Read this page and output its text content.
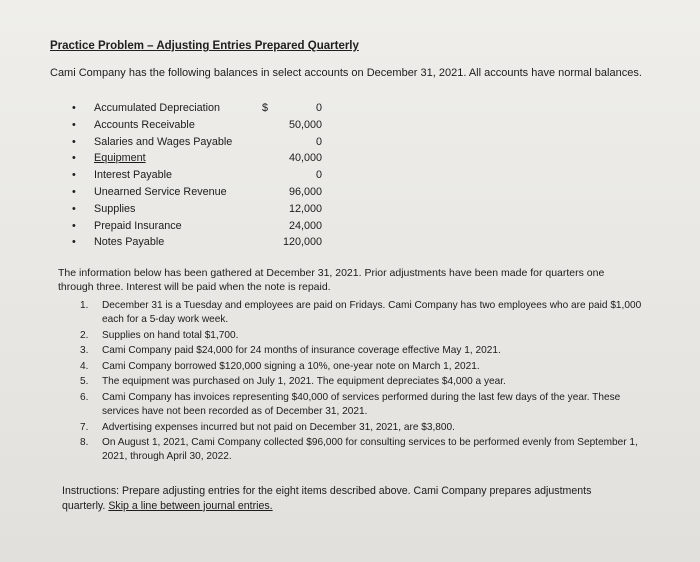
Practice Problem – Adjusting Entries Prepared Quarterly
Cami Company has the following balances in select accounts on December 31, 2021. All accounts have normal balances.
• Accumulated Depreciation	$	0
• Accounts Receivable	50,000
• Salaries and Wages Payable	0
• Equipment	40,000
• Interest Payable	0
• Unearned Service Revenue	96,000
• Supplies	12,000
• Prepaid Insurance	24,000
• Notes Payable	120,000
The information below has been gathered at December 31, 2021. Prior adjustments have been made for quarters one through three. Interest will be paid when the note is repaid.
1. December 31 is a Tuesday and employees are paid on Fridays. Cami Company has two employees who are paid $1,000 each for a 5-day work week.
2. Supplies on hand total $1,700.
3. Cami Company paid $24,000 for 24 months of insurance coverage effective May 1, 2021.
4. Cami Company borrowed $120,000 signing a 10%, one-year note on March 1, 2021.
5. The equipment was purchased on July 1, 2021. The equipment depreciates $4,000 a year.
6. Cami Company has invoices representing $40,000 of services performed during the last few days of the year. These services have not been recorded as of December 31, 2021.
7. Advertising expenses incurred but not paid on December 31, 2021, are $3,800.
8. On August 1, 2021, Cami Company collected $96,000 for consulting services to be performed evenly from September 1, 2021, through April 30, 2022.
Instructions: Prepare adjusting entries for the eight items described above. Cami Company prepares adjustments quarterly. Skip a line between journal entries.
